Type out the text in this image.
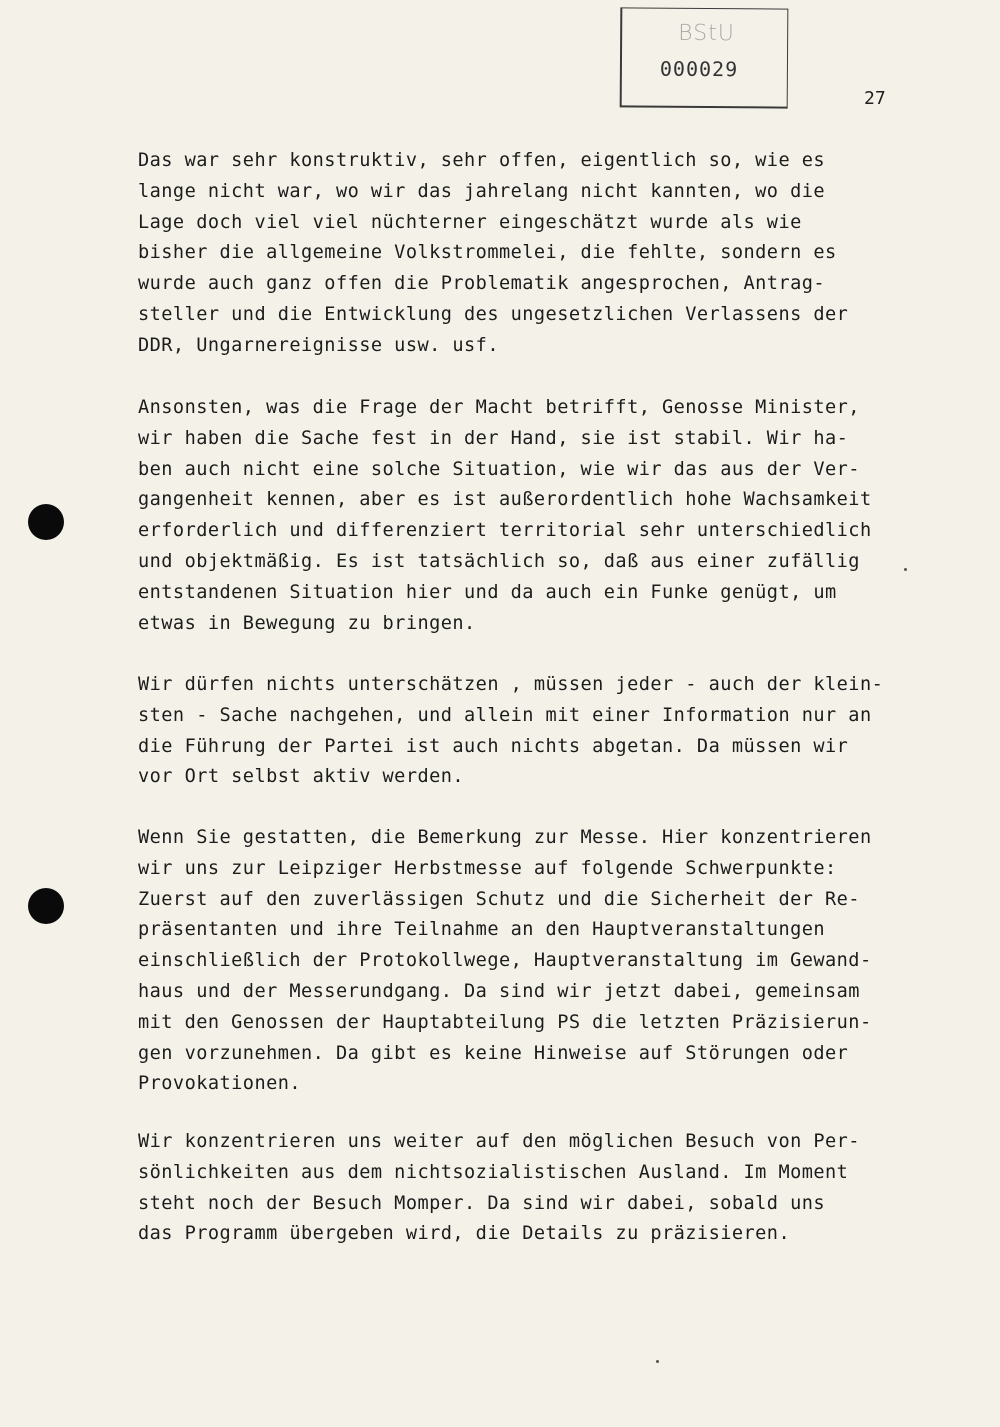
BStU
000029
27
Das war sehr konstruktiv, sehr offen, eigentlich so, wie es
lange nicht war, wo wir das jahrelang nicht kannten, wo die
Lage doch viel viel nüchterner eingeschätzt wurde als wie
bisher die allgemeine Volkstrommelei, die fehlte, sondern es
wurde auch ganz offen die Problematik angesprochen, Antrag-
steller und die Entwicklung des ungesetzlichen Verlassens der
DDR, Ungarnereignisse usw. usf.
Ansonsten, was die Frage der Macht betrifft, Genosse Minister,
wir haben die Sache fest in der Hand, sie ist stabil. Wir ha-
ben auch nicht eine solche Situation, wie wir das aus der Ver-
gangenheit kennen, aber es ist außerordentlich hohe Wachsamkeit
erforderlich und differenziert territorial sehr unterschiedlich
und objektmäßig. Es ist tatsächlich so, daß aus einer zufällig
entstandenen Situation hier und da auch ein Funke genügt, um
etwas in Bewegung zu bringen.
Wir dürfen nichts unterschätzen , müssen jeder - auch der klein-
sten - Sache nachgehen, und allein mit einer Information nur an
die Führung der Partei ist auch nichts abgetan. Da müssen wir
vor Ort selbst aktiv werden.
Wenn Sie gestatten, die Bemerkung zur Messe. Hier konzentrieren
wir uns zur Leipziger Herbstmesse auf folgende Schwerpunkte:
Zuerst auf den zuverlässigen Schutz und die Sicherheit der Re-
präsentanten und ihre Teilnahme an den Hauptveranstaltungen
einschließlich der Protokollwege, Hauptveranstaltung im Gewand-
haus und der Messerundgang. Da sind wir jetzt dabei, gemeinsam
mit den Genossen der Hauptabteilung PS die letzten Präzisierun-
gen vorzunehmen. Da gibt es keine Hinweise auf Störungen oder
Provokationen.
Wir konzentrieren uns weiter auf den möglichen Besuch von Per-
sönlichkeiten aus dem nichtsozialistischen Ausland. Im Moment
steht noch der Besuch Momper. Da sind wir dabei, sobald uns
das Programm übergeben wird, die Details zu präzisieren.
